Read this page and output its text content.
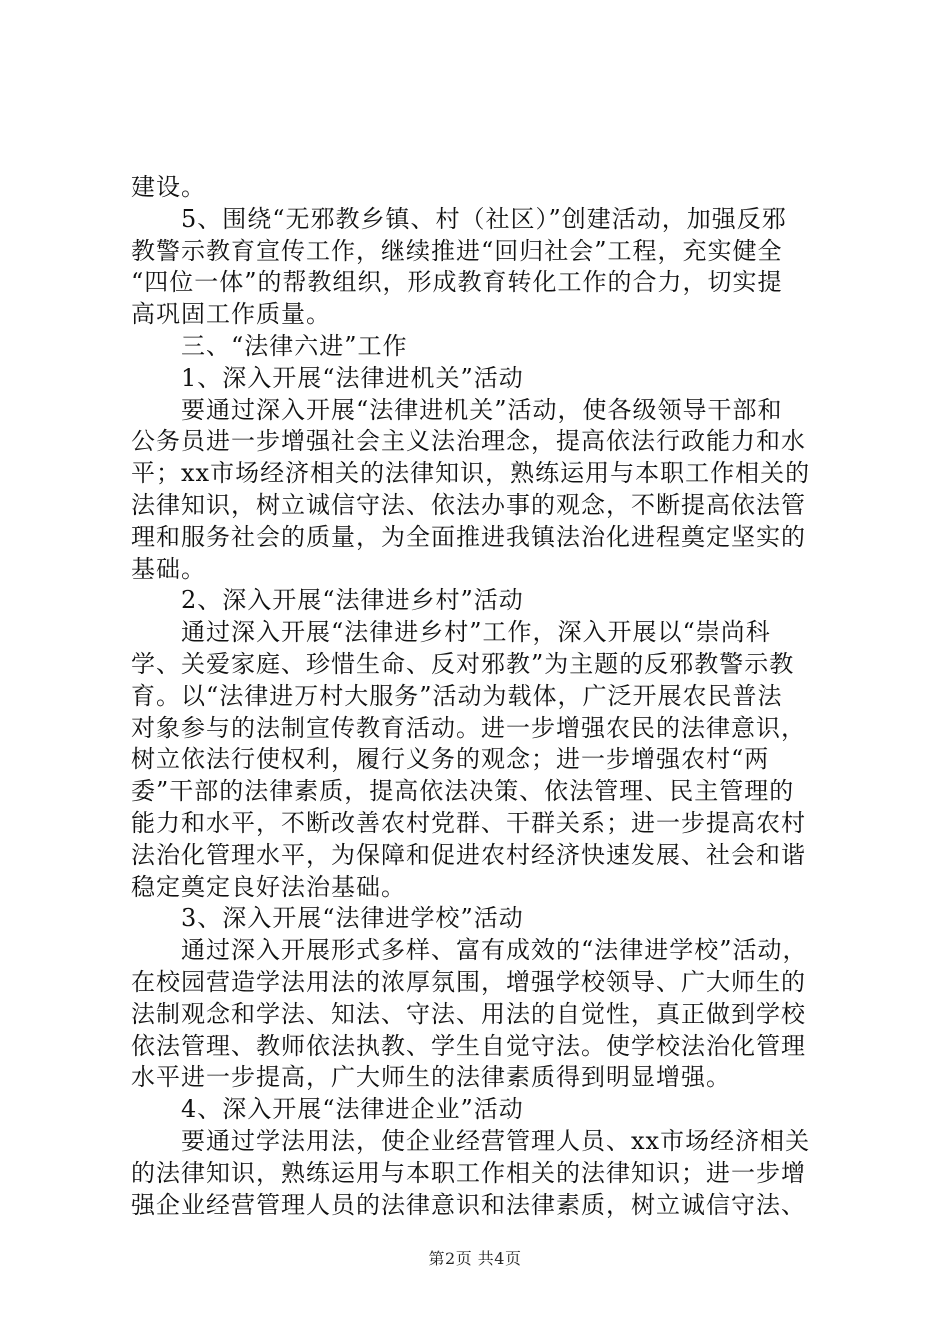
建设。
　　5、围绕“无邪教乡镇、村（社区）”创建活动，加强反邪
教警示教育宣传工作，继续推进“回归社会”工程，充实健全
“四位一体”的帮教组织，形成教育转化工作的合力，切实提
高巩固工作质量。
　　三、“法律六进”工作
　　1、深入开展“法律进机关”活动
　　要通过深入开展“法律进机关”活动，使各级领导干部和
公务员进一步增强社会主义法治理念，提高依法行政能力和水
平；xx市场经济相关的法律知识，熟练运用与本职工作相关的
法律知识，树立诚信守法、依法办事的观念，不断提高依法管
理和服务社会的质量，为全面推进我镇法治化进程奠定坚实的
基础。
　　2、深入开展“法律进乡村”活动
　　通过深入开展“法律进乡村”工作，深入开展以“崇尚科
学、关爱家庭、珍惜生命、反对邪教”为主题的反邪教警示教
育。以“法律进万村大服务”活动为载体，广泛开展农民普法
对象参与的法制宣传教育活动。进一步增强农民的法律意识，
树立依法行使权利，履行义务的观念；进一步增强农村“两
委”干部的法律素质，提高依法决策、依法管理、民主管理的
能力和水平，不断改善农村党群、干群关系；进一步提高农村
法治化管理水平，为保障和促进农村经济快速发展、社会和谐
稳定奠定良好法治基础。
　　3、深入开展“法律进学校”活动
　　通过深入开展形式多样、富有成效的“法律进学校”活动，
在校园营造学法用法的浓厚氛围，增强学校领导、广大师生的
法制观念和学法、知法、守法、用法的自觉性，真正做到学校
依法管理、教师依法执教、学生自觉守法。使学校法治化管理
水平进一步提高，广大师生的法律素质得到明显增强。
　　4、深入开展“法律进企业”活动
　　要通过学法用法，使企业经营管理人员、xx市场经济相关
的法律知识，熟练运用与本职工作相关的法律知识；进一步增
强企业经营管理人员的法律意识和法律素质，树立诚信守法、
第2页 共4页
